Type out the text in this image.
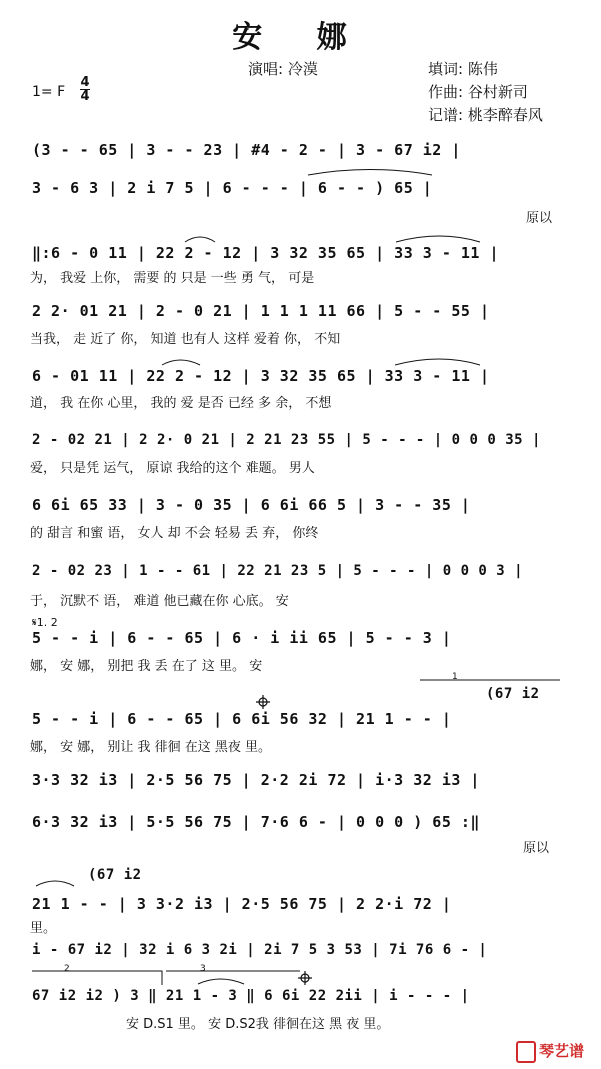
安 娜
演唱: 冷漠	填词: 陈伟
作曲: 谷村新司
记谱: 桃李醉春风
1= F
4
4
(3 - - 65 | 3 - - 23 | #4 - 2 - | 3 - 67 i2 |
3 - 6 3 | 2 i 7 5 | 6 - - - | 6 - - ) 65 |
原以
‖:6 - 0 11 | 22 2 - 12 | 3 32 35 65 | 33 3 - 11 |
为， 我爱 上你， 需要 的 只是 一些 勇 气， 可是
2 2· 01 21 | 2 - 0 21 | 1 1 1 11 66 | 5 - - 55 |
当我， 走 近了 你， 知道 也有人 这样 爱着 你， 不知
6 - 01 11 | 22 2 - 12 | 3 32 35 65 | 33 3 - 11 |
道， 我 在你 心里， 我的 爱 是否 已经 多 余， 不想
2 - 02 21 | 2 2· 0 21 | 2 21 23 55 | 5 - - - | 0 0 0 35 |
爱， 只是凭 运气， 原谅 我给的这个 难题。 男人
6 6i 65 33 | 3 - 0 35 | 6 6i 66 5 | 3 - - 35 |
的 甜言 和蜜 语， 女人 却 不会 轻易 丢 弃， 你终
2 - 02 23 | 1 - - 61 | 22 21 23 5 | 5 - - - | 0 0 0 3 |
于， 沉默不 语， 难道 他已藏在你 心底。 安
𝄋1. 2
5 - - i | 6 - - 65 | 6 · i ii 65 | 5 - - 3 |
娜， 安 娜， 别把 我 丢 在了 这 里。 安
(67 i2
5 - - i | 6 - - 65 | 6 6i 56 32 | 21 1 - - |
娜， 安 娜， 别让 我 徘徊 在这 黑夜 里。
3·3 32 i3 | 2·5 56 75 | 2·2 2i 72 | i·3 32 i3 |
6·3 32 i3 | 5·5 56 75 | 7·6 6 - | 0 0 0 ) 65 :‖
原以
(67 i2
21 1 - - | 3 3·2 i3 | 2·5 56 75 | 2 2·i 72 |
里。
i - 67 i2 | 32 i 6 3 2i | 2i 7 5 3 53 | 7i 76 6 - |
67 i2 i2 ) 3 ‖ 21 1 - 3 ‖ 6 6i 22 2ii | i - - - |
安 D.S1 里。 安 D.S2我 徘徊在这 黑 夜 里。
1
2	3
琴艺谱
